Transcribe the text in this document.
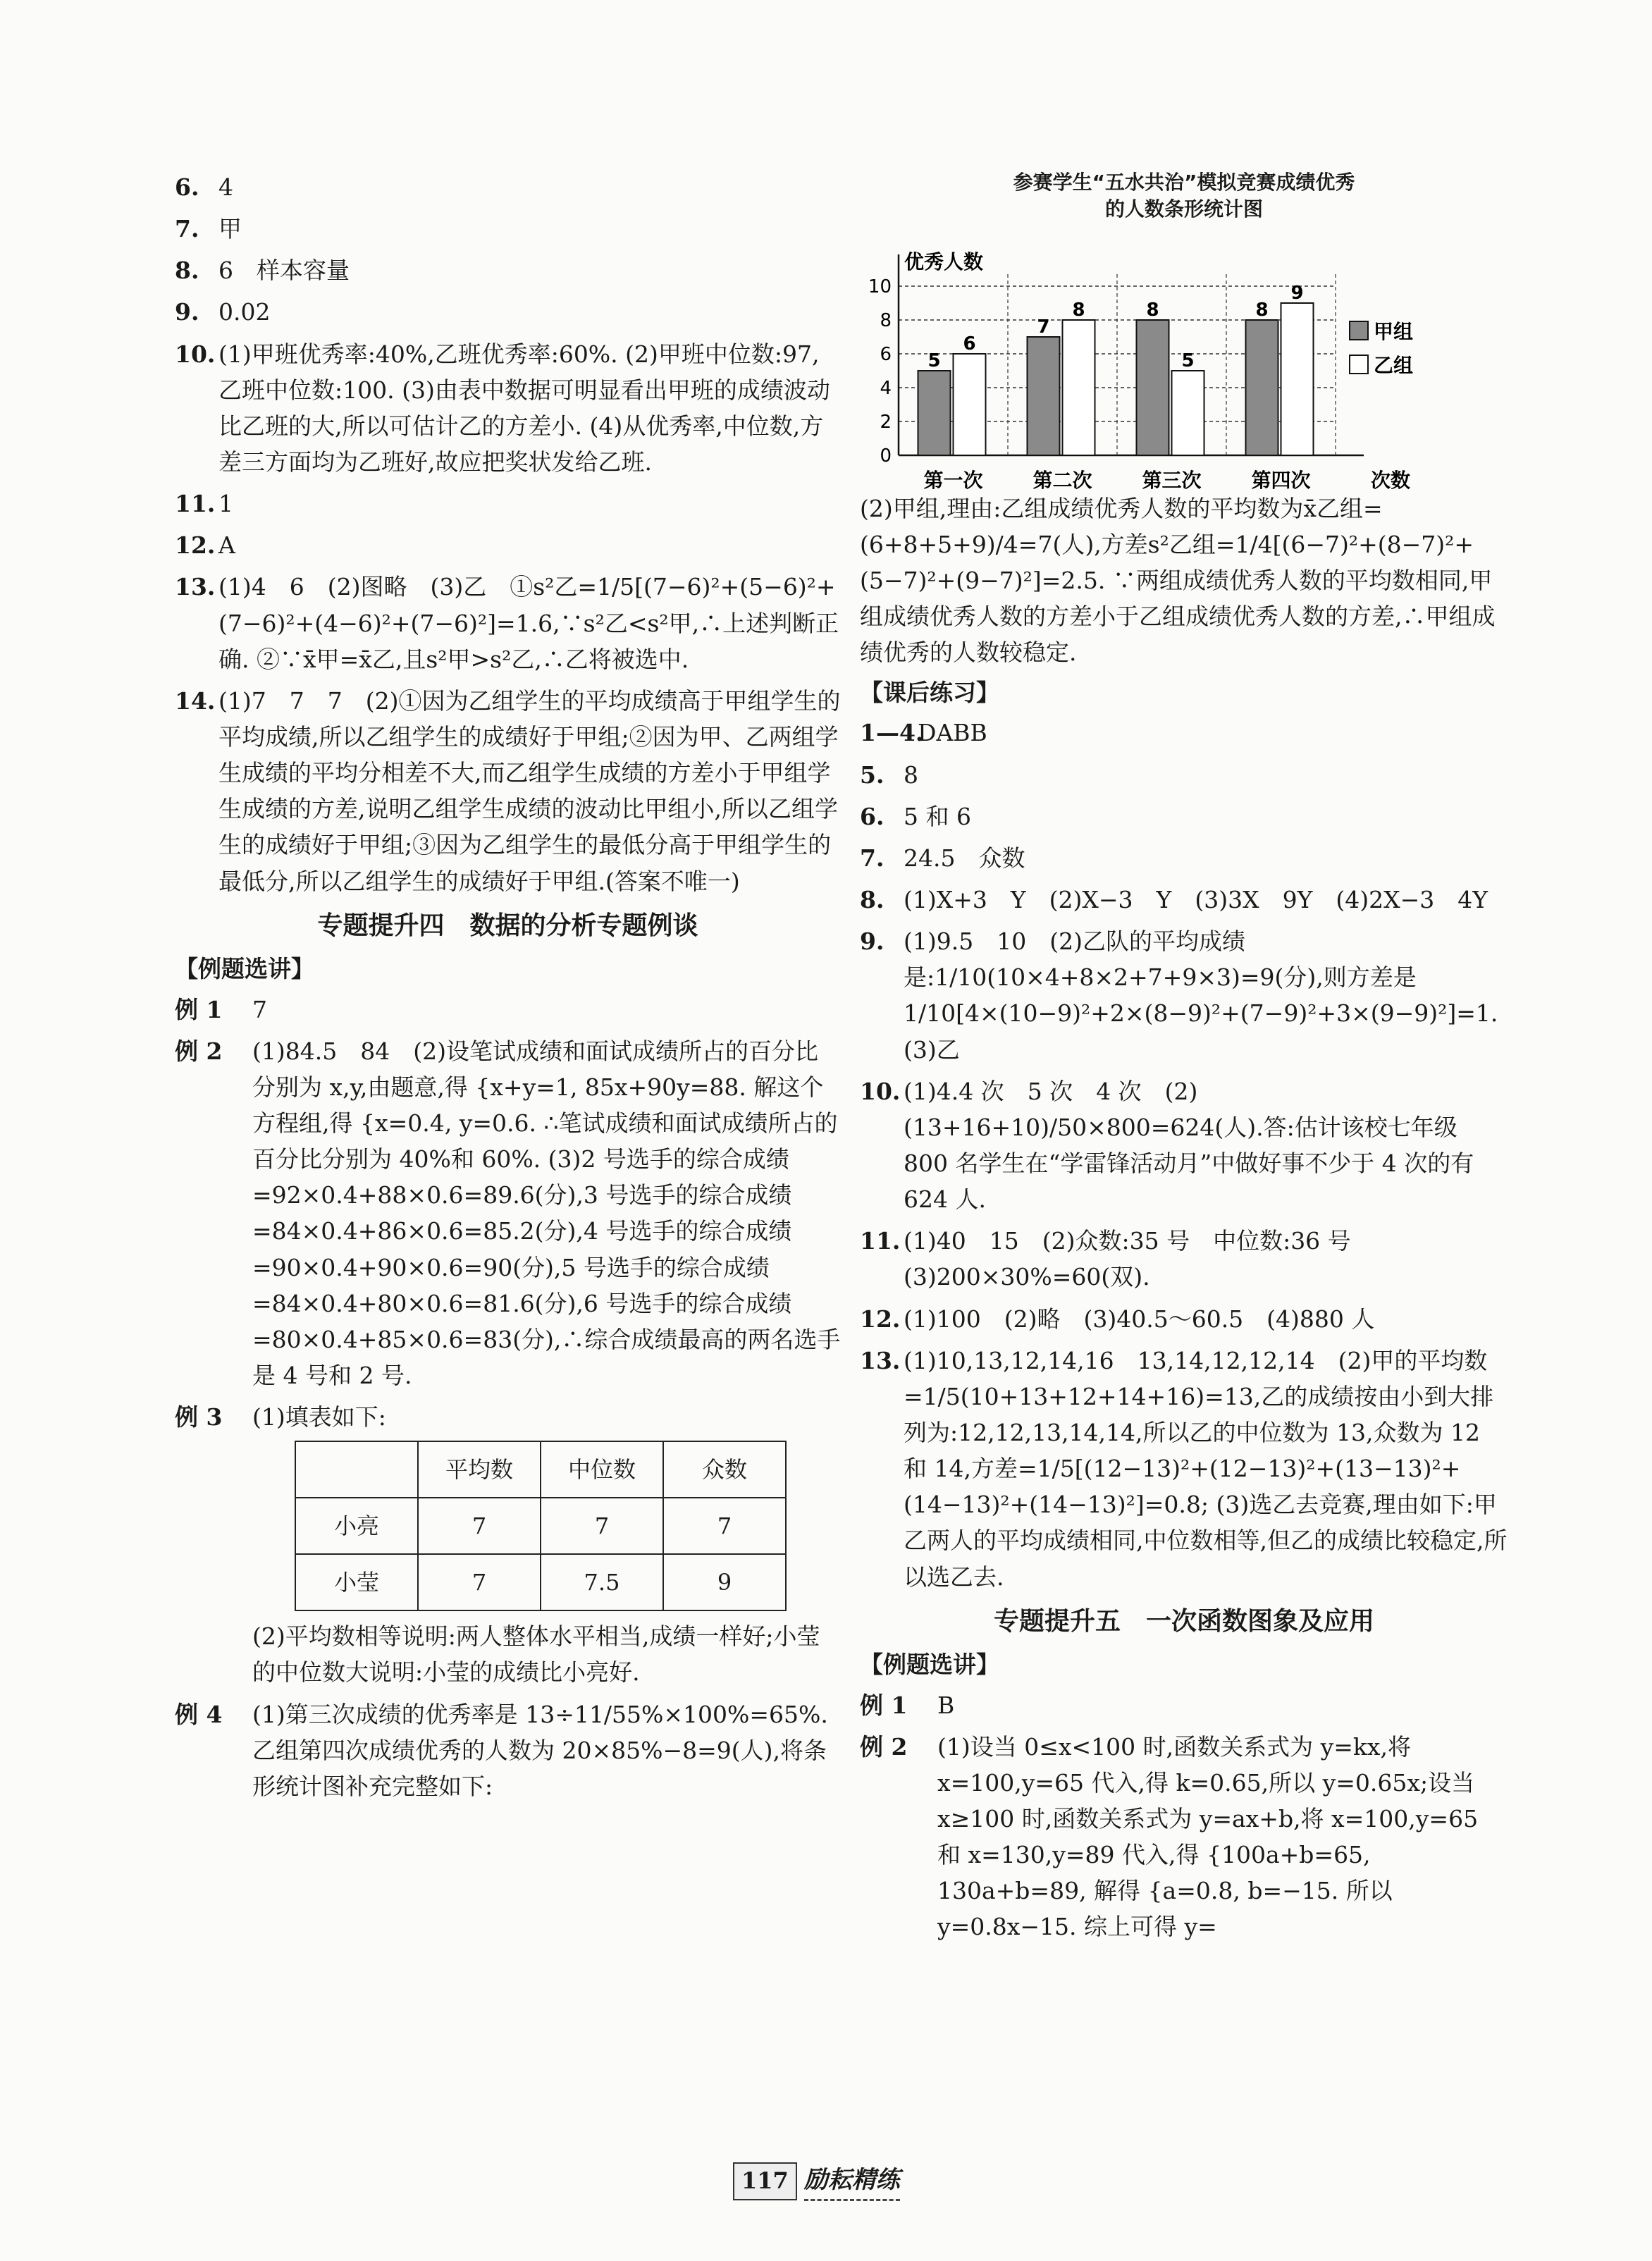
6. 4

7. 甲

8. 6　样本容量

9. 0.02

10. (1)甲班优秀率:40%,乙班优秀率:60%. (2)甲班中位数:97,乙班中位数:100. (3)由表中数据可明显看出甲班的成绩波动比乙班的大,所以可估计乙的方差小. (4)从优秀率,中位数,方差三方面均为乙班好,故应把奖状发给乙班.

11. 1

12. A

13. (1)4　6　(2)图略　(3)乙　①s²乙=1/5[(7−6)²+(5−6)²+(7−6)²+(4−6)²+(7−6)²]=1.6,∵s²乙<s²甲,∴上述判断正确. ②∵x̄甲=x̄乙,且s²甲>s²乙,∴乙将被选中.

14. (1)7　7　7　(2)①因为乙组学生的平均成绩高于甲组学生的平均成绩,所以乙组学生的成绩好于甲组;②因为甲、乙两组学生成绩的平均分相差不大,而乙组学生成绩的方差小于甲组学生成绩的方差,说明乙组学生成绩的波动比甲组小,所以乙组学生的成绩好于甲组;③因为乙组学生的最低分高于甲组学生的最低分,所以乙组学生的成绩好于甲组.(答案不唯一)

专题提升四　数据的分析专题例谈
【例题选讲】
例 1 7

例 2 (1)84.5　84　(2)设笔试成绩和面试成绩所占的百分比分别为 x,y,由题意,得 {x+y=1, 85x+90y=88. 解这个方程组,得 {x=0.4, y=0.6. ∴笔试成绩和面试成绩所占的百分比分别为 40%和 60%. (3)2 号选手的综合成绩=92×0.4+88×0.6=89.6(分),3 号选手的综合成绩=84×0.4+86×0.6=85.2(分),4 号选手的综合成绩=90×0.4+90×0.6=90(分),5 号选手的综合成绩=84×0.4+80×0.6=81.6(分),6 号选手的综合成绩=80×0.4+85×0.6=83(分),∴综合成绩最高的两名选手是 4 号和 2 号.

例 3 (1)填表如下:

	平均数	中位数	众数
小亮	7	7	7
小莹	7	7.5	9

(2)平均数相等说明:两人整体水平相当,成绩一样好;小莹的中位数大说明:小莹的成绩比小亮好.

例 4 (1)第三次成绩的优秀率是 13÷11/55%×100%=65%. 乙组第四次成绩优秀的人数为 20×85%−8=9(人),将条形统计图补充完整如下:

参赛学生“五水共治”模拟竞赛成绩优秀
的人数条形统计图
0
2
4
6
8
10
优秀人数
次数
5
6
第一次
7
8
第二次
8
5
第三次
8
9
第四次
甲组
乙组

(2)甲组,理由:乙组成绩优秀人数的平均数为x̄乙组=(6+8+5+9)/4=7(人),方差s²乙组=1/4[(6−7)²+(8−7)²+(5−7)²+(9−7)²]=2.5. ∵两组成绩优秀人数的平均数相同,甲组成绩优秀人数的方差小于乙组成绩优秀人数的方差,∴甲组成绩优秀的人数较稳定.

【课后练习】
1—4.

DABB

5. 8

6. 5 和 6

7. 24.5　众数

8. (1)X+3　Y　(2)X−3　Y　(3)3X　9Y　(4)2X−3　4Y

9. (1)9.5　10　(2)乙队的平均成绩是:1/10(10×4+8×2+7+9×3)=9(分),则方差是 1/10[4×(10−9)²+2×(8−9)²+(7−9)²+3×(9−9)²]=1. (3)乙

10. (1)4.4 次　5 次　4 次　(2)(13+16+10)/50×800=624(人).答:估计该校七年级 800 名学生在“学雷锋活动月”中做好事不少于 4 次的有 624 人.

11. (1)40　15　(2)众数:35 号　中位数:36 号　(3)200×30%=60(双).

12. (1)100　(2)略　(3)40.5～60.5　(4)880 人

13. (1)10,13,12,14,16　13,14,12,12,14　(2)甲的平均数=1/5(10+13+12+14+16)=13,乙的成绩按由小到大排列为:12,12,13,14,14,所以乙的中位数为 13,众数为 12 和 14,方差=1/5[(12−13)²+(12−13)²+(13−13)²+(14−13)²+(14−13)²]=0.8; (3)选乙去竞赛,理由如下:甲乙两人的平均成绩相同,中位数相等,但乙的成绩比较稳定,所以选乙去.

专题提升五　一次函数图象及应用
【例题选讲】
例 1 B

例 2 (1)设当 0≤x<100 时,函数关系式为 y=kx,将 x=100,y=65 代入,得 k=0.65,所以 y=0.65x;设当 x≥100 时,函数关系式为 y=ax+b,将 x=100,y=65 和 x=130,y=89 代入,得 {100a+b=65, 130a+b=89, 解得 {a=0.8, b=−15. 所以 y=0.8x−15. 综上可得 y=

117 励耘精练
